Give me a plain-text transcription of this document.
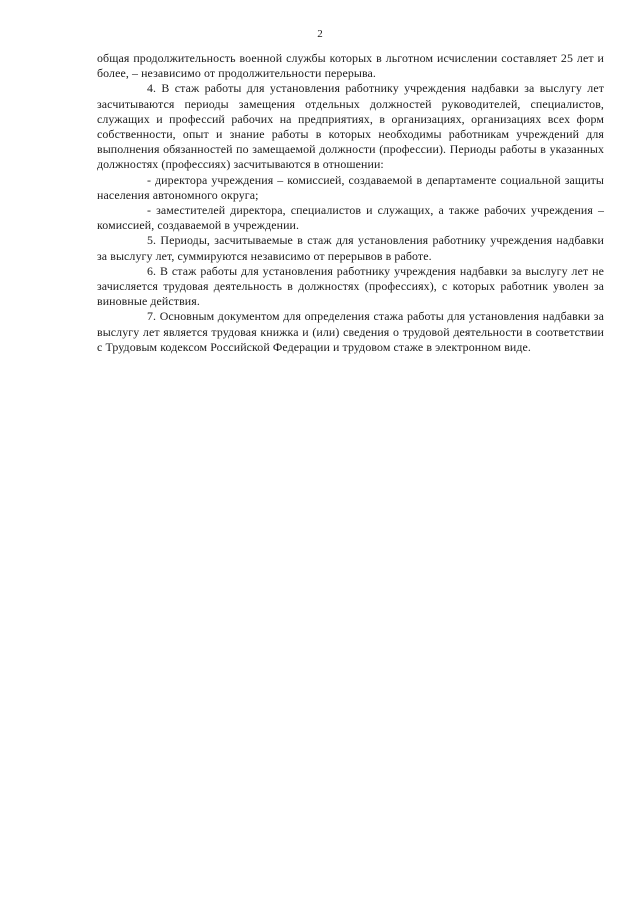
2

общая продолжительность военной службы которых в льготном исчислении составляет 25 лет и более, – независимо от продолжительности перерыва.

4. В стаж работы для установления работнику учреждения надбавки за выслугу лет засчитываются периоды замещения отдельных должностей руководителей, специалистов, служащих и профессий рабочих на предприятиях, в организациях, организациях всех форм собственности, опыт и знание работы в которых необходимы работникам учреждений для выполнения обязанностей по замещаемой должности (профессии). Периоды работы в указанных должностях (профессиях) засчитываются в отношении:

- директора учреждения – комиссией, создаваемой в департаменте социальной защиты населения автономного округа;

- заместителей директора, специалистов и служащих, а также рабочих учреждения – комиссией, создаваемой в учреждении.

5. Периоды, засчитываемые в стаж для установления работнику учреждения надбавки за выслугу лет, суммируются независимо от перерывов в работе.

6. В стаж работы для установления работнику учреждения надбавки за выслугу лет не зачисляется трудовая деятельность в должностях (профессиях), с которых работник уволен за виновные действия.

7. Основным документом для определения стажа работы для установления надбавки за выслугу лет является трудовая книжка и (или) сведения о трудовой деятельности в соответствии с Трудовым кодексом Российской Федерации и трудовом стаже в электронном виде.
